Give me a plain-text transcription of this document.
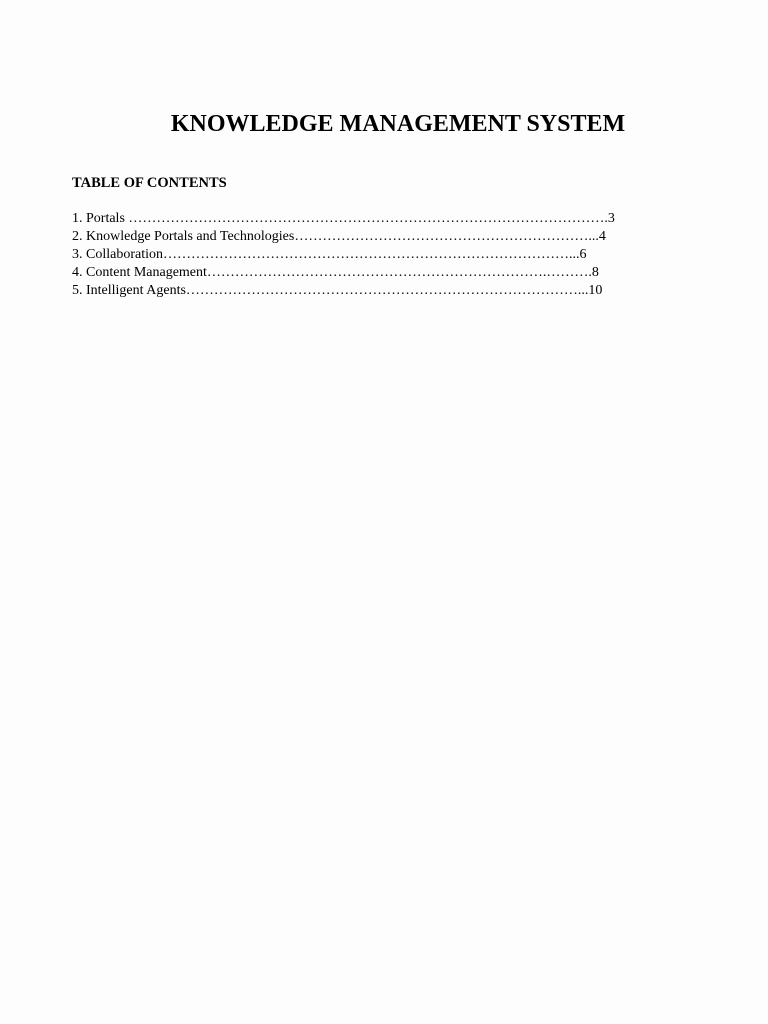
KNOWLEDGE MANAGEMENT SYSTEM
TABLE OF CONTENTS
1. Portals ………………………………………………………………………………………….3
2. Knowledge Portals and Technologies………………………………………………………...4
3. Collaboration……………………………………………………………………………...6
4. Content Management……………………………………………………………….……….8
5. Intelligent Agents…………………………………………………………………………...10
